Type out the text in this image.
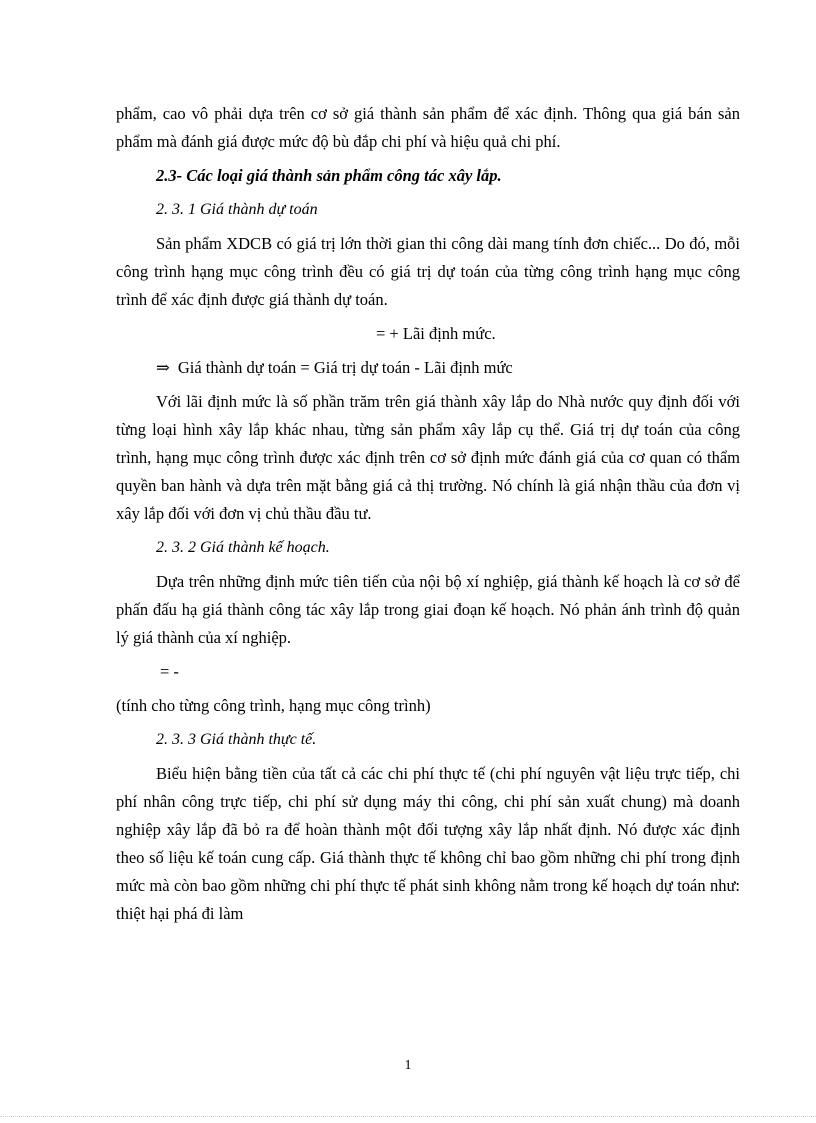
phẩm, cao vô phải dựa trên cơ sở giá thành sản phẩm để xác định. Thông qua giá bán sản phẩm mà đánh giá được mức độ bù đắp chi phí và hiệu quả chi phí.

2.3- Các loại giá thành sản phẩm công tác xây lắp.
2. 3. 1 Giá thành dự toán

Sản phẩm XDCB có giá trị lớn thời gian thi công dài mang tính đơn chiếc... Do đó, mỗi công trình hạng mục công trình đều có giá trị dự toán của từng công trình hạng mục công trình để xác định được giá thành dự toán.

= + Lãi định mức.
⇒ Giá thành dự toán = Giá trị dự toán - Lãi định mức

Với lãi định mức là số phần trăm trên giá thành xây lắp do Nhà nước quy định đối với từng loại hình xây lắp khác nhau, từng sản phẩm xây lắp cụ thể. Giá trị dự toán của công trình, hạng mục công trình được xác định trên cơ sở định mức đánh giá của cơ quan có thẩm quyền ban hành và dựa trên mặt bằng giá cả thị trường. Nó chính là giá nhận thầu của đơn vị xây lắp đối với đơn vị chủ thầu đầu tư.

2. 3. 2 Giá thành kế hoạch.

Dựa trên những định mức tiên tiến của nội bộ xí nghiệp, giá thành kế hoạch là cơ sở để phấn đấu hạ giá thành công tác xây lắp trong giai đoạn kế hoạch. Nó phản ánh trình độ quản lý giá thành của xí nghiệp.

= -

(tính cho từng công trình, hạng mục công trình)

2. 3. 3 Giá thành thực tế.

Biểu hiện bằng tiền của tất cả các chi phí thực tế (chi phí nguyên vật liệu trực tiếp, chi phí nhân công trực tiếp, chi phí sử dụng máy thi công, chi phí sản xuất chung) mà doanh nghiệp xây lắp đã bỏ ra để hoàn thành một đối tượng xây lắp nhất định. Nó được xác định theo số liệu kế toán cung cấp. Giá thành thực tế không chỉ bao gồm những chi phí trong định mức mà còn bao gồm những chi phí thực tế phát sinh không nằm trong kế hoạch dự toán như: thiệt hại phá đi làm

1
